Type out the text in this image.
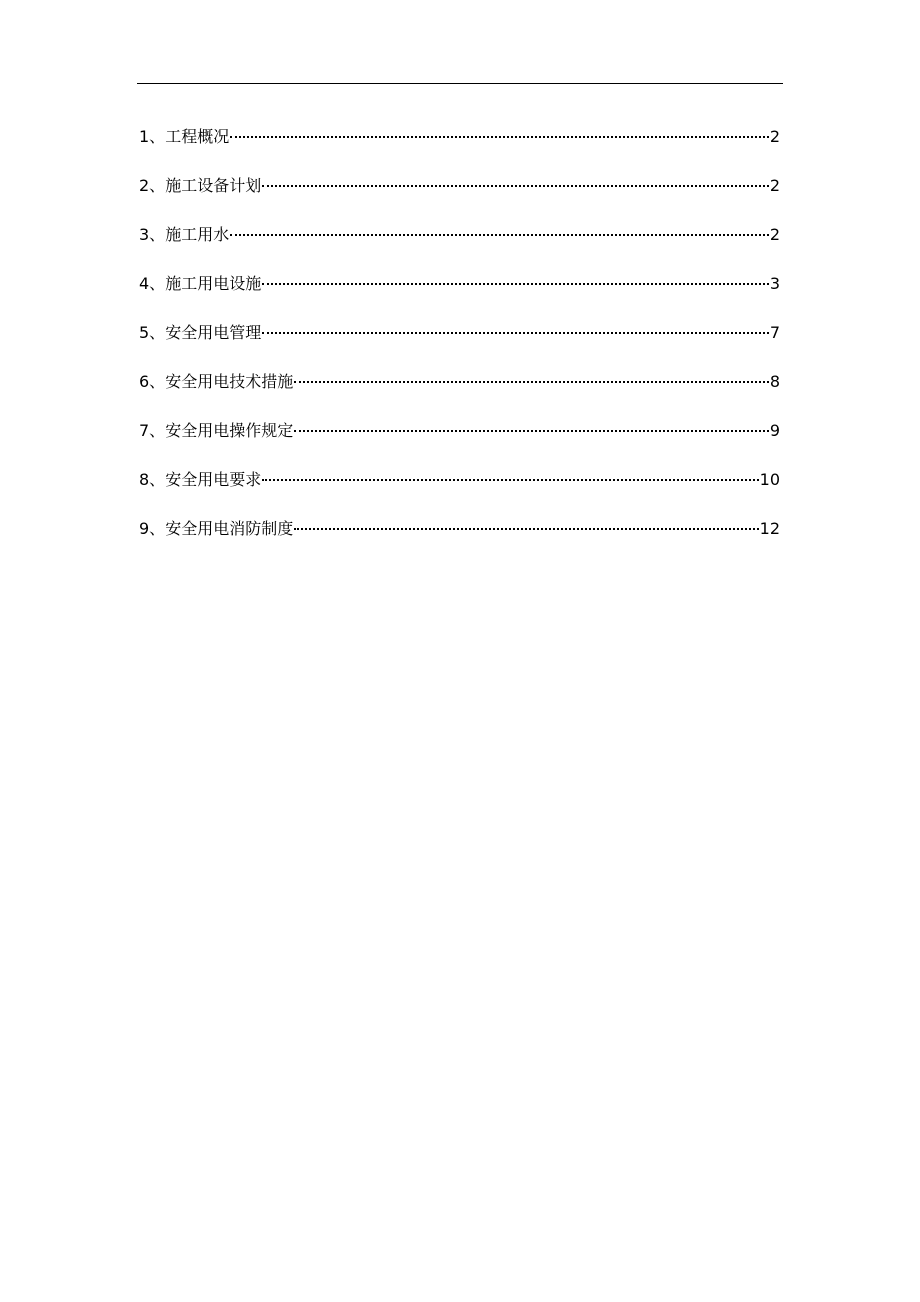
1、 工程概况	2
2、 施工设备计划	2
3、 施工用水	2
4、 施工用电设施	3
5、 安全用电管理	7
6、 安全用电技术措施	8
7、 安全用电操作规定	9
8、 安全用电要求	10
9、 安全用电消防制度	12
